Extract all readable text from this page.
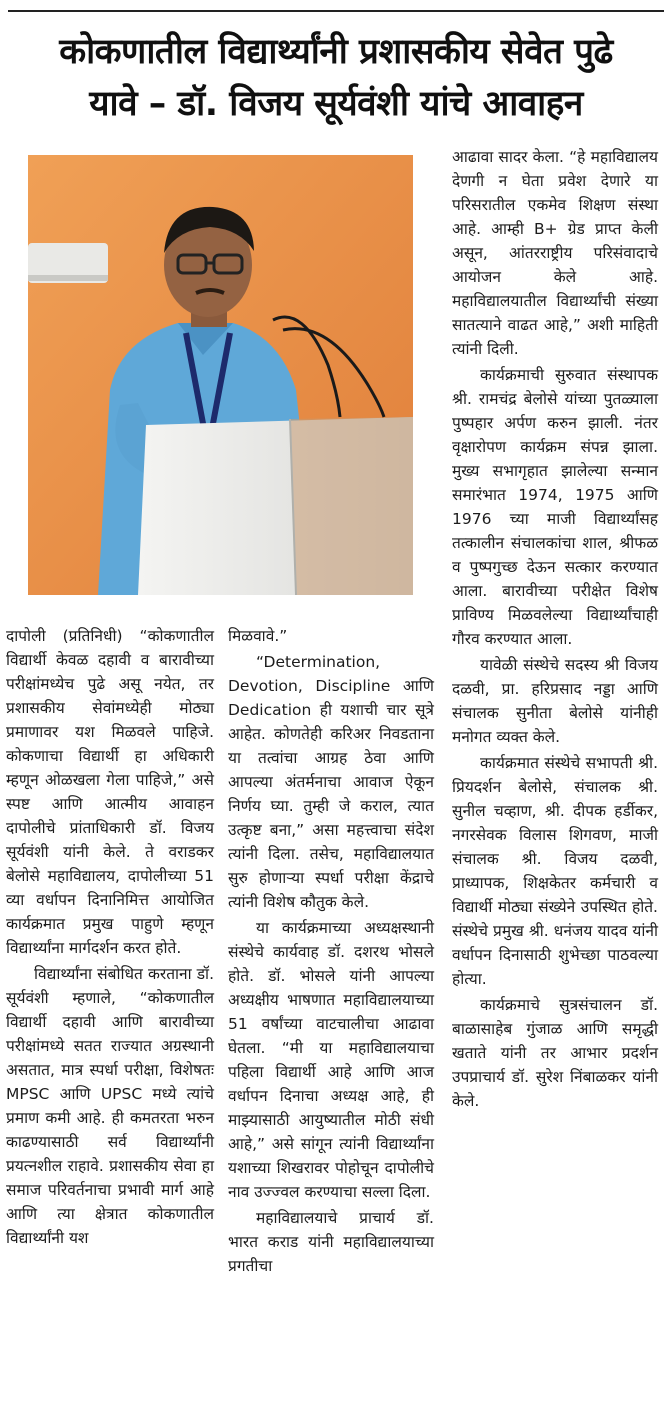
कोकणातील विद्यार्थ्यांनी प्रशासकीय सेवेत पुढे
यावे – डॉ. विजय सूर्यवंशी यांचे आवाहन

दापोली (प्रतिनिधी) “कोकणातील विद्यार्थी केवळ दहावी व बारावीच्या परीक्षांमध्येच पुढे असू नयेत, तर प्रशासकीय सेवांमध्येही मोठ्या प्रमाणावर यश मिळवले पाहिजे. कोकणाचा विद्यार्थी हा अधिकारी म्हणून ओळखला गेला पाहिजे,” असे स्पष्ट आणि आत्मीय आवाहन दापोलीचे प्रांताधिकारी डॉ. विजय सूर्यवंशी यांनी केले. ते वराडकर बेलोसे महाविद्यालय, दापोलीच्या 51 व्या वर्धापन दिनानिमित्त आयोजित कार्यक्रमात प्रमुख पाहुणे म्हणून विद्यार्थ्यांना मार्गदर्शन करत होते.

विद्यार्थ्यांना संबोधित करताना डॉ. सूर्यवंशी म्हणाले, “कोकणातील विद्यार्थी दहावी आणि बारावीच्या परीक्षांमध्ये सतत राज्यात अग्रस्थानी असतात, मात्र स्पर्धा परीक्षा, विशेषतः MPSC आणि UPSC मध्ये त्यांचे प्रमाण कमी आहे. ही कमतरता भरुन काढण्यासाठी सर्व विद्यार्थ्यांनी प्रयत्नशील राहावे. प्रशासकीय सेवा हा समाज परिवर्तनाचा प्रभावी मार्ग आहे आणि त्या क्षेत्रात कोकणातील विद्यार्थ्यांनी यश

मिळवावे.”

“Determination, Devotion, Discipline आणि Dedication ही यशाची चार सूत्रे आहेत. कोणतेही करिअर निवडताना या तत्वांचा आग्रह ठेवा आणि आपल्या अंतर्मनाचा आवाज ऐकून निर्णय घ्या. तुम्ही जे कराल, त्यात उत्कृष्ट बना,” असा महत्त्वाचा संदेश त्यांनी दिला. तसेच, महाविद्यालयात सुरु होणाऱ्या स्पर्धा परीक्षा केंद्राचे त्यांनी विशेष कौतुक केले.

या कार्यक्रमाच्या अध्यक्षस्थानी संस्थेचे कार्यवाह डॉ. दशरथ भोसले होते. डॉ. भोसले यांनी आपल्या अध्यक्षीय भाषणात महाविद्यालयाच्या 51 वर्षांच्या वाटचालीचा आढावा घेतला. “मी या महाविद्यालयाचा पहिला विद्यार्थी आहे आणि आज वर्धापन दिनाचा अध्यक्ष आहे, ही माझ्यासाठी आयुष्यातील मोठी संधी आहे,” असे सांगून त्यांनी विद्यार्थ्यांना यशाच्या शिखरावर पोहोचून दापोलीचे नाव उज्ज्वल करण्याचा सल्ला दिला.

महाविद्यालयाचे प्राचार्य डॉ. भारत कराड यांनी महाविद्यालयाच्या प्रगतीचा

आढावा सादर केला. “हे महाविद्यालय देणगी न घेता प्रवेश देणारे या परिसरातील एकमेव शिक्षण संस्था आहे. आम्ही B+ ग्रेड प्राप्त केली असून, आंतरराष्ट्रीय परिसंवादाचे आयोजन केले आहे. महाविद्यालयातील विद्यार्थ्यांची संख्या सातत्याने वाढत आहे,” अशी माहिती त्यांनी दिली.

कार्यक्रमाची सुरुवात संस्थापक श्री. रामचंद्र बेलोसे यांच्या पुतळ्याला पुष्पहार अर्पण करुन झाली. नंतर वृक्षारोपण कार्यक्रम संपन्न झाला. मुख्य सभागृहात झालेल्या सन्मान समारंभात 1974, 1975 आणि 1976 च्या माजी विद्यार्थ्यांसह तत्कालीन संचालकांचा शाल, श्रीफळ व पुष्पगुच्छ देऊन सत्कार करण्यात आला. बारावीच्या परीक्षेत विशेष प्राविण्य मिळवलेल्या विद्यार्थ्यांचाही गौरव करण्यात आला.

यावेळी संस्थेचे सदस्य श्री विजय दळवी, प्रा. हरिप्रसाद नड्डा आणि संचालक सुनीता बेलोसे यांनीही मनोगत व्यक्त केले.

कार्यक्रमात संस्थेचे सभापती श्री. प्रियदर्शन बेलोसे, संचालक श्री. सुनील चव्हाण, श्री. दीपक हर्डीकर, नगरसेवक विलास शिगवण, माजी संचालक श्री. विजय दळवी, प्राध्यापक, शिक्षकेतर कर्मचारी व विद्यार्थी मोठ्या संख्येने उपस्थित होते. संस्थेचे प्रमुख श्री. धनंजय यादव यांनी वर्धापन दिनासाठी शुभेच्छा पाठवल्या होत्या.

कार्यक्रमाचे सुत्रसंचालन डॉ. बाळासाहेब गुंजाळ आणि समृद्धी खताते यांनी तर आभार प्रदर्शन उपप्राचार्य डॉ. सुरेश निंबाळकर यांनी केले.
